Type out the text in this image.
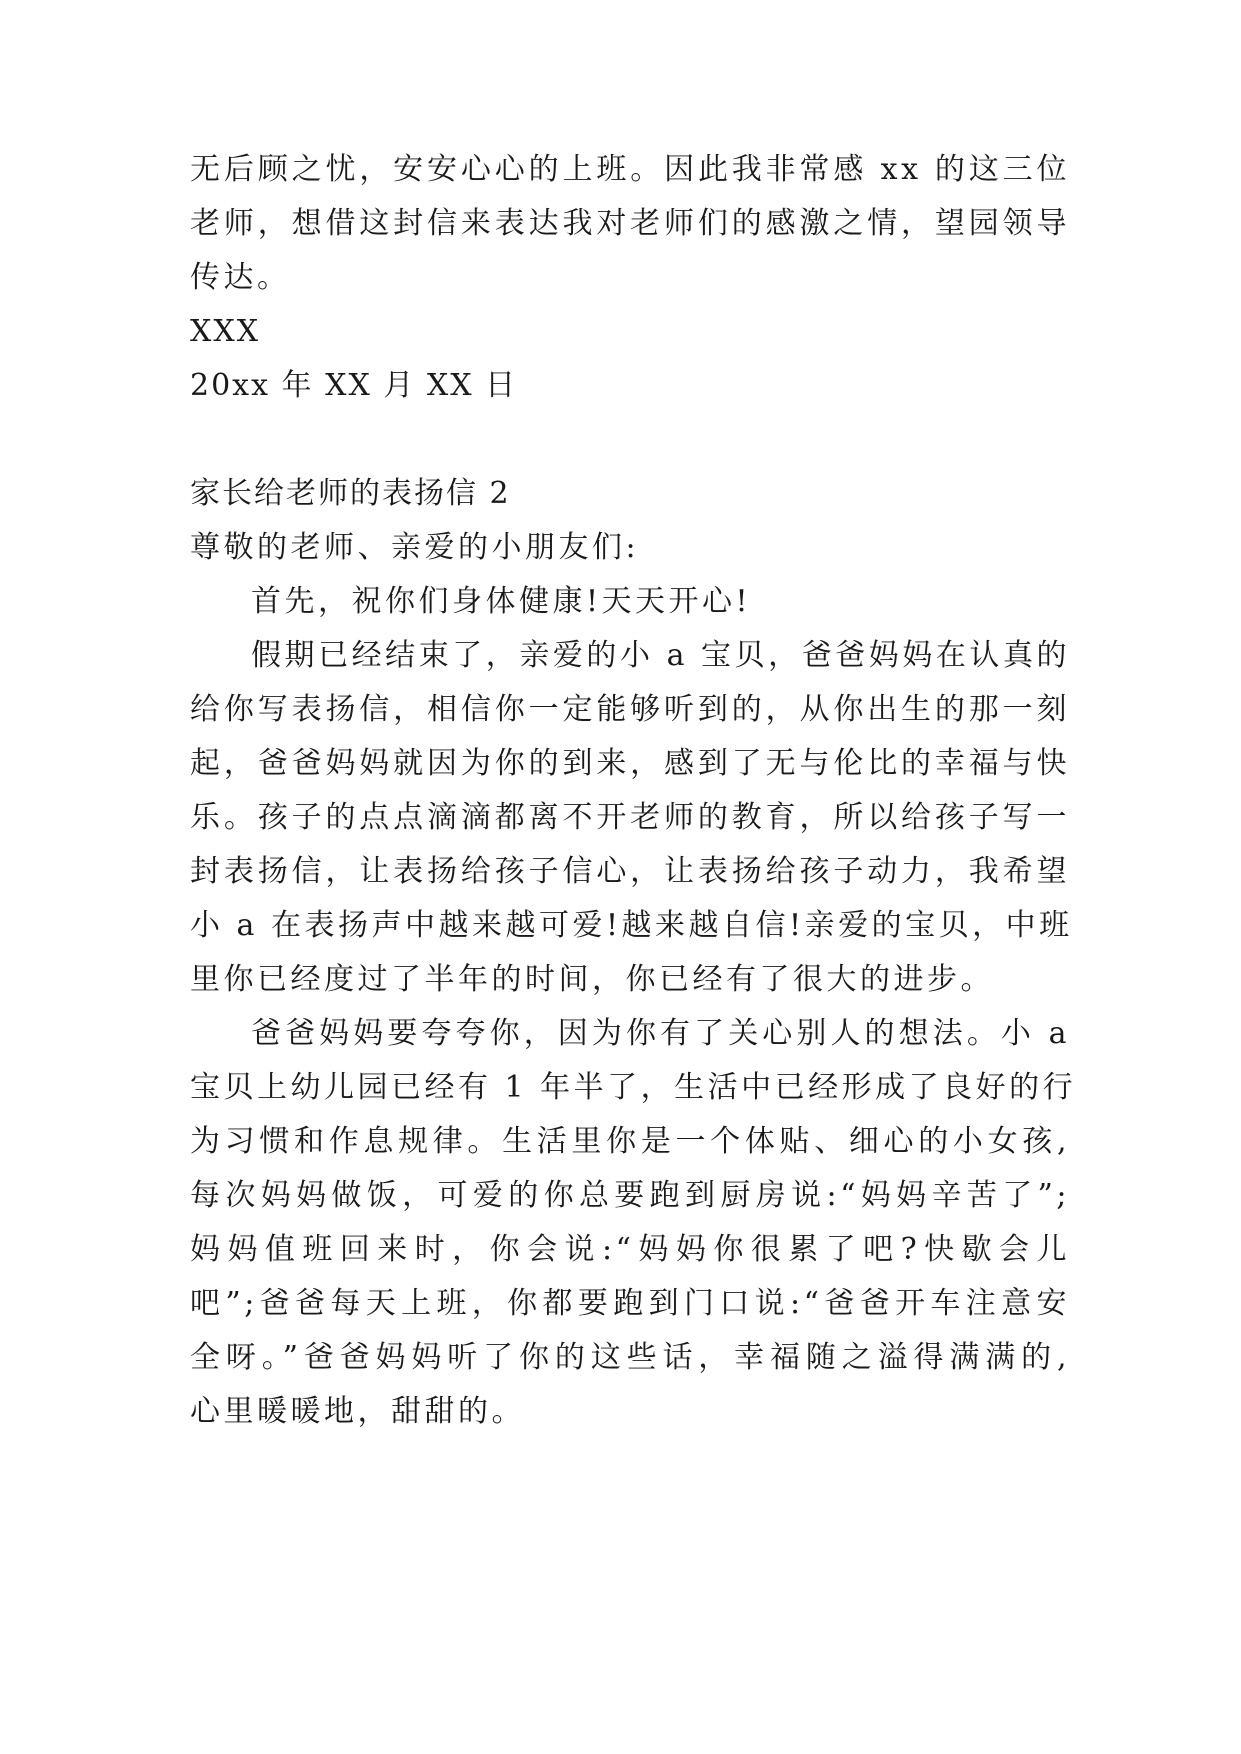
无后顾之忧，安安心心的上班。因此我非常感 xx 的这三位
老师，想借这封信来表达我对老师们的感激之情，望园领导
传达。
XXX
20xx 年 XX 月 XX 日
家长给老师的表扬信 2
尊敬的老师、亲爱的小朋友们:
首先，祝你们身体健康!天天开心!
假期已经结束了，亲爱的小 a 宝贝，爸爸妈妈在认真的
给你写表扬信，相信你一定能够听到的，从你出生的那一刻
起，爸爸妈妈就因为你的到来，感到了无与伦比的幸福与快
乐。孩子的点点滴滴都离不开老师的教育，所以给孩子写一
封表扬信，让表扬给孩子信心，让表扬给孩子动力，我希望
小 a 在表扬声中越来越可爱!越来越自信!亲爱的宝贝，中班
里你已经度过了半年的时间，你已经有了很大的进步。
爸爸妈妈要夸夸你，因为你有了关心别人的想法。小 a
宝贝上幼儿园已经有 1 年半了，生活中已经形成了良好的行
为习惯和作息规律。生活里你是一个体贴、细心的小女孩,
每次妈妈做饭，可爱的你总要跑到厨房说:“妈妈辛苦了”;
妈妈值班回来时，你会说:“妈妈你很累了吧?快歇会儿
吧”;爸爸每天上班，你都要跑到门口说:“爸爸开车注意安
全呀。”爸爸妈妈听了你的这些话，幸福随之溢得满满的,
心里暖暖地，甜甜的。
